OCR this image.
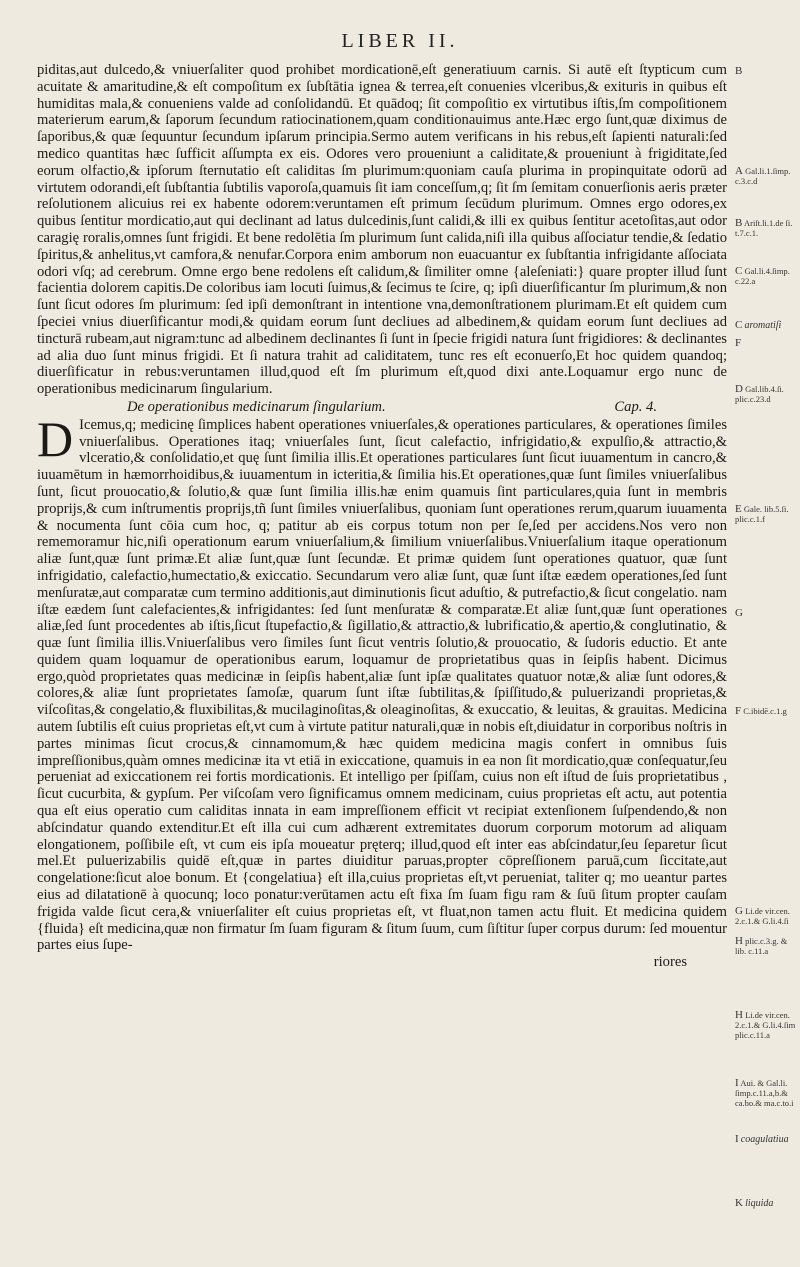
LIBER II.

piditas,aut dulcedo,& vniuerſaliter quod prohibet mordicationē,eſt generatiuum carnis. Si autē eſt ſtypticum cum acuitate & amaritudine,& eſt compoſitum ex ſubſtātia ignea & terrea,eſt conuenies vlceribus,& exituris in quibus eſt humiditas mala,& conueniens valde ad conſolidandū. Et quādoq; ſit compoſitio ex virtutibus iſtis,ſm compoſitionem materierum earum,& ſaporum ſecundum ratiocinationem,quam conditionauimus ante.Hæc ergo ſunt,quæ diximus de ſaporibus,& quæ ſequuntur ſecundum ipſarum principia.Sermo autem verificans in his rebus,eſt ſapienti naturali:ſed medico quantitas hæc ſufficit aſſumpta ex eis. Odores vero proueniunt a caliditate,& proueniunt à frigiditate,ſed eorum olfactio,& ipſorum ſternutatio eſt caliditas ſm plurimum:quoniam cauſa plurima in propinquitate odorū ad virtutem odorandi,eſt ſubſtantia ſubtilis vaporoſa,quamuis ſit iam conceſſum,q; ſit ſm ſemitam conuerſionis aeris præter reſolutionem alicuius rei ex habente odorem:veruntamen eſt primum ſecūdum plurimum. Omnes ergo odores,ex quibus ſentitur mordicatio,aut qui declinant ad latus dulcedinis,ſunt calidi,& illi ex quibus ſentitur acetoſitas,aut odor caragię roralis,omnes ſunt frigidi. Et bene redolētia ſm plurimum ſunt calida,niſi illa quibus aſſociatur tendie,& ſedatio ſpiritus,& anhelitus,vt camfora,& nenufar.Corpora enim amborum non euacuantur ex ſubſtantia infrigidante aſſociata odori vſq; ad cerebrum. Omne ergo bene redolens eſt calidum,& ſimiliter omne {aleſeniati:} quare propter illud ſunt facientia dolorem capitis.De coloribus iam locuti ſuimus,& ſecimus te ſcire, q; ipſi diuerſificantur ſm plurimum,& non ſunt ſicut odores ſm plurimum: ſed ipſi demonſtrant in intentione vna,demonſtrationem plurimam.Et eſt quidem cum ſpeciei vnius diuerſificantur modi,& quidam eorum ſunt decliues ad albedinem,& quidam eorum ſunt decliues ad tincturā rubeam,aut nigram:tunc ad albedinem declinantes ſi ſunt in ſpecie frigidi natura ſunt frigidiores: & declinantes ad alia duo ſunt minus frigidi. Et ſi natura trahit ad caliditatem, tunc res eſt econuerſo,Et hoc quidem quandoq; diuerſificatur in rebus:veruntamen illud,quod eſt ſm plurimum eſt,quod dixi ante.Loquamur ergo nunc de operationibus medicinarum ſingularium.

De operationibus medicinarum ſingularium.	Cap. 4.

D Icemus,q; medicinę ſimplices habent operationes vniuerſales,& operationes particulares, & operationes ſimiles vniuerſalibus. Operationes itaq; vniuerſales ſunt, ſicut calefactio, infrigidatio,& expulſio,& attractio,& vlceratio,& conſolidatio,et quę ſunt ſimilia illis.Et operationes particulares ſunt ſicut iuuamentum in cancro,& iuuamētum in hæmorrhoidibus,& iuuamentum in icteritia,& ſimilia his.Et operationes,quæ ſunt ſimiles vniuerſalibus ſunt, ſicut prouocatio,& ſolutio,& quæ ſunt ſimilia illis.hæ enim quamuis ſint particulares,quia ſunt in membris proprijs,& cum inſtrumentis proprijs,tñ ſunt ſimiles vniuerſalibus, quoniam ſunt operationes rerum,quarum iuuamenta & nocumenta ſunt cōia cum hoc, q; patitur ab eis corpus totum non per ſe,ſed per accidens.Nos vero non rememoramur hic,niſi operationum earum vniuerſalium,& ſimilium vniuerſalibus.Vniuerſalium itaque operationum aliæ ſunt,quæ ſunt primæ.Et aliæ ſunt,quæ ſunt ſecundæ. Et primæ quidem ſunt operationes quatuor, quæ ſunt infrigidatio, calefactio,humectatio,& exiccatio. Secundarum vero aliæ ſunt, quæ ſunt iſtæ eædem operationes,ſed ſunt menſuratæ,aut comparatæ cum termino additionis,aut diminutionis ſicut aduſtio, & putrefactio,& ſicut congelatio. nam iſtæ eædem ſunt calefacientes,& infrigidantes: ſed ſunt menſuratæ & comparatæ.Et aliæ ſunt,quæ ſunt operationes aliæ,ſed ſunt procedentes ab iſtis,ſicut ſtupefactio,& ſigillatio,& attractio,& lubrificatio,& apertio,& conglutinatio, & quæ ſunt ſimilia illis.Vniuerſalibus vero ſimiles ſunt ſicut ventris ſolutio,& prouocatio, & ſudoris eductio. Et ante quidem quam loquamur de operationibus earum, loquamur de proprietatibus quas in ſeipſis habent. Dicimus ergo,quòd proprietates quas medicinæ in ſeipſis habent,aliæ ſunt ipſæ qualitates quatuor notæ,& aliæ ſunt odores,& colores,& aliæ ſunt proprietates ſamoſæ, quarum ſunt iſtæ ſubtilitas,& ſpiſſitudo,& puluerizandi proprietas,& viſcoſitas,& congelatio,& fluxibilitas,& mucilaginoſitas,& oleaginoſitas, & exuccatio, & leuitas, & grauitas. Medicina autem ſubtilis eſt cuius proprietas eſt,vt cum à virtute patitur naturali,quæ in nobis eſt,diuidatur in corporibus noſtris in partes minimas ſicut crocus,& cinnamomum,& hæc quidem medicina magis confert in omnibus ſuis impreſſionibus,quàm omnes medicinæ ita vt etiā in exiccatione, quamuis in ea non ſit mordicatio,quæ conſequatur,ſeu perueniat ad exiccationem rei fortis mordicationis. Et intelligo per ſpiſſam, cuius non eſt iſtud de ſuis proprietatibus , ſicut cucurbita, & gypſum. Per viſcoſam vero ſignificamus omnem medicinam, cuius proprietas eſt actu, aut potentia qua eſt eius operatio cum caliditas innata in eam impreſſionem efficit vt recipiat extenſionem ſuſpendendo,& non abſcindatur quando extenditur.Et eſt illa cui cum adhærent extremitates duorum corporum motorum ad aliquam elongationem, poſſibile eſt, vt cum eis ipſa moueatur pręterq; illud,quod eſt inter eas abſcindatur,ſeu ſeparetur ſicut mel.Et puluerizabilis quidē eſt,quæ in partes diuiditur paruas,propter cōpreſſionem paruā,cum ſiccitate,aut congelatione:ſicut aloe bonum. Et {congelatiua} eſt illa,cuius proprietas eſt,vt perueniat, taliter q; mo ueantur partes eius ad dilatationē à quocunq; loco ponatur:verūtamen actu eſt fixa ſm ſuam figu ram & ſuū ſitum propter cauſam frigida valde ſicut cera,& vniuerſaliter eſt cuius proprietas eſt, vt fluat,non tamen actu fluit. Et medicina quidem {fluida} eſt medicina,quæ non firmatur ſm ſuam figuram & ſitum ſuum, cum ſiſtitur ſuper corpus durum: ſed mouentur partes eius ſupe-

riores

B
A Gal.li.1.ſimp. c.3.c.d
B Ariſt.li.1.de ſi. t.7.c.1.
C Gal.li.4.ſimp. c.22.a
C aromatiſi
F
D Gal.lib.4.ſi. plic.c.23.d
E Gale. lib.5.ſi. plic.c.1.f
G
F C.ibidē.c.1.g
G Li.de vir.cen. 2.c.1.& G.li.4.ſi
H plic.c.3.g. & lib. c.11.a
H Li.de vir.cen. 2.c.1.& G.li.4.ſim plic.c.11.a
I Aui. & Gal.li. ſimp.c.11.a,b.& ca.bo.& ma.c.to.i
I coagulatiua
K liquida
